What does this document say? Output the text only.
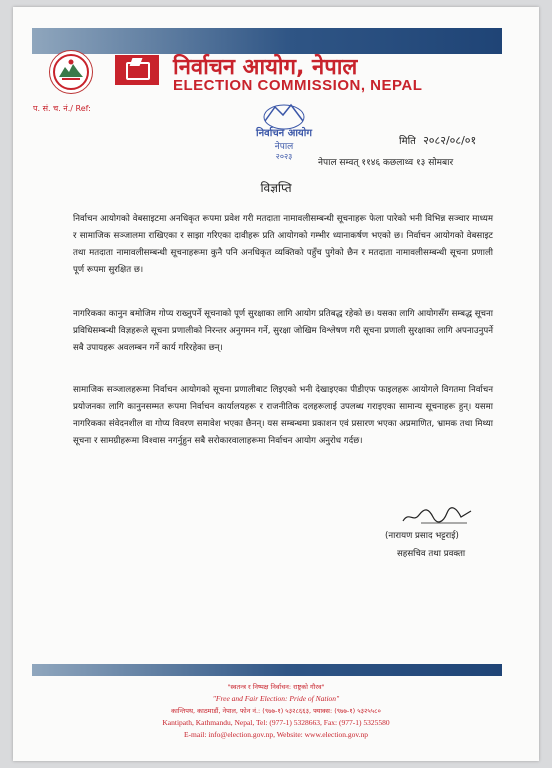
निर्वाचन आयोग, नेपाल
ELECTION COMMISSION, NEPAL
प. सं. च. नं./ Ref:
निर्वाचन आयोग
नेपाल
२०२३
मिति २०८२/०८/०१
नेपाल सम्वत् ११४६ कछलाथ्व १३ सोमबार
विज्ञप्ति

निर्वाचन आयोगको वेबसाइटमा अनधिकृत रूपमा प्रवेश गरी मतदाता नामावलीसम्बन्धी सूचनाहरू फेला पारेको भनी विभिन्न सञ्चार माध्यम र सामाजिक सञ्जालमा राखिएका र साझा गरिएका दावीहरू प्रति आयोगको गम्भीर ध्यानाकर्षण भएको छ। निर्वाचन आयोगको वेबसाइट तथा मतदाता नामावलीसम्बन्धी सूचनाहरूमा कुनै पनि अनधिकृत व्यक्तिको पहुँच पुगेको छैन र मतदाता नामावलीसम्बन्धी सूचना प्रणाली पूर्ण रूपमा सुरक्षित छ।

नागरिकका कानुन बमोजिम गोप्य राख्नुपर्ने सूचनाको पूर्ण सुरक्षाका लागि आयोग प्रतिबद्ध रहेको छ। यसका लागि आयोगसँग सम्बद्ध सूचना प्रविधिसम्बन्धी विज्ञहरूले सूचना प्रणालीको निरन्तर अनुगमन गर्ने, सुरक्षा जोखिम विश्लेषण गरी सूचना प्रणाली सुरक्षाका लागि अपनाउनुपर्ने सबै उपायहरू अवलम्बन गर्ने कार्य गरिरहेका छन्।

सामाजिक सञ्जालहरूमा निर्वाचन आयोगको सूचना प्रणालीबाट लिइएको भनी देखाइएका पीडीएफ फाइलहरू आयोगले विगतमा निर्वाचन प्रयोजनका लागि कानुनसम्मत रूपमा निर्वाचन कार्यालयहरू र राजनीतिक दलहरूलाई उपलब्ध गराइएका सामान्य सूचनाहरू हुन्। यसमा नागरिकका संवेदनशील वा गोप्य विवरण समावेश भएका छैनन्। यस सम्बन्धमा प्रकाशन एवं प्रसारण भएका अप्रमाणित, भ्रामक तथा मिथ्या सूचना र सामग्रीहरूमा विश्वास नगर्नुहुन सबै सरोकारवालाहरूमा निर्वाचन आयोग अनुरोध गर्दछ।

(नारायण प्रसाद भट्टराई)
सहसचिव तथा प्रवक्ता
"स्वतन्त्र र निष्पक्ष निर्वाचन: राष्ट्रको गौरव"
"Free and Fair Election: Pride of Nation"
कान्तिपथ, काठमाडौं, नेपाल, फोन नं.: (९७७-१) ५३२८६६३, फ्याक्स: (९७७-१) ५३२५५८०
Kantipath, Kathmandu, Nepal, Tel: (977-1) 5328663, Fax: (977-1) 5325580
E-mail: info@election.gov.np, Website: www.election.gov.np
